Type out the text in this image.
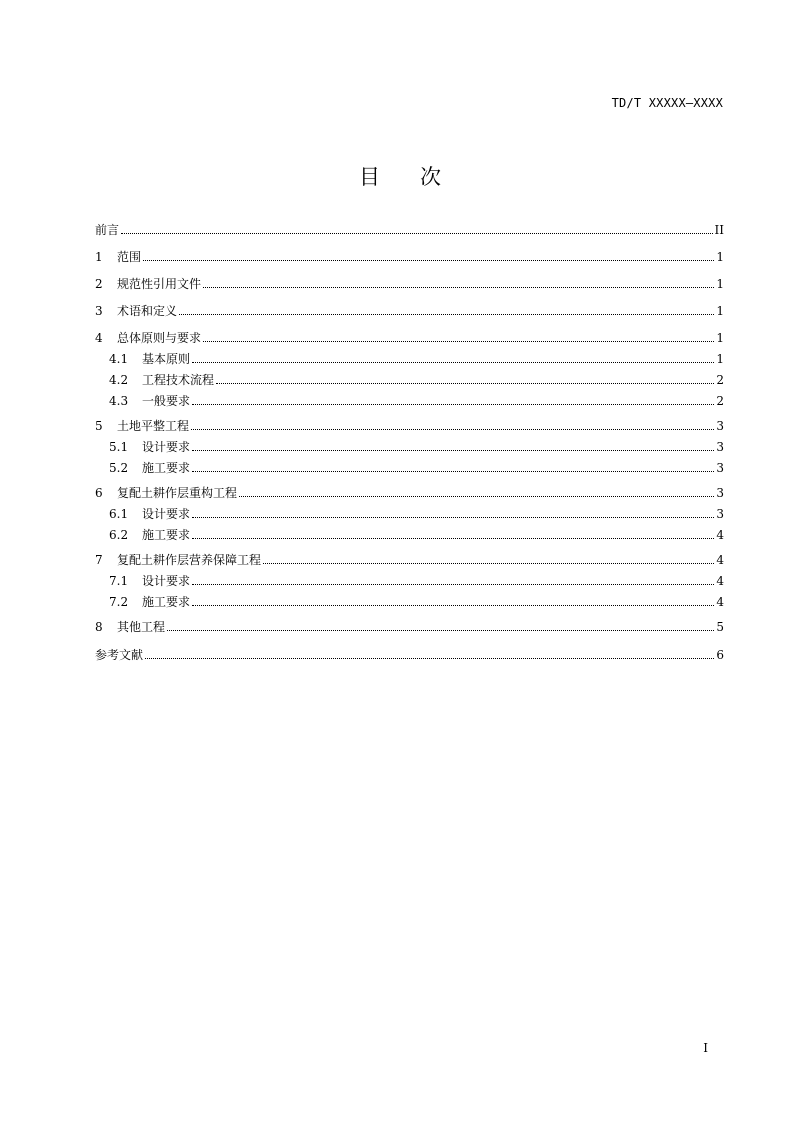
TD/T XXXXX—XXXX
目次
前言	II
1	范围	1
2	规范性引用文件	1
3	术语和定义	1
4	总体原则与要求	1
4.1	基本原则	1
4.2	工程技术流程	2
4.3	一般要求	2
5	土地平整工程	3
5.1	设计要求	3
5.2	施工要求	3
6	复配土耕作层重构工程	3
6.1	设计要求	3
6.2	施工要求	4
7	复配土耕作层营养保障工程	4
7.1	设计要求	4
7.2	施工要求	4
8	其他工程	5
参考文献	6
I
